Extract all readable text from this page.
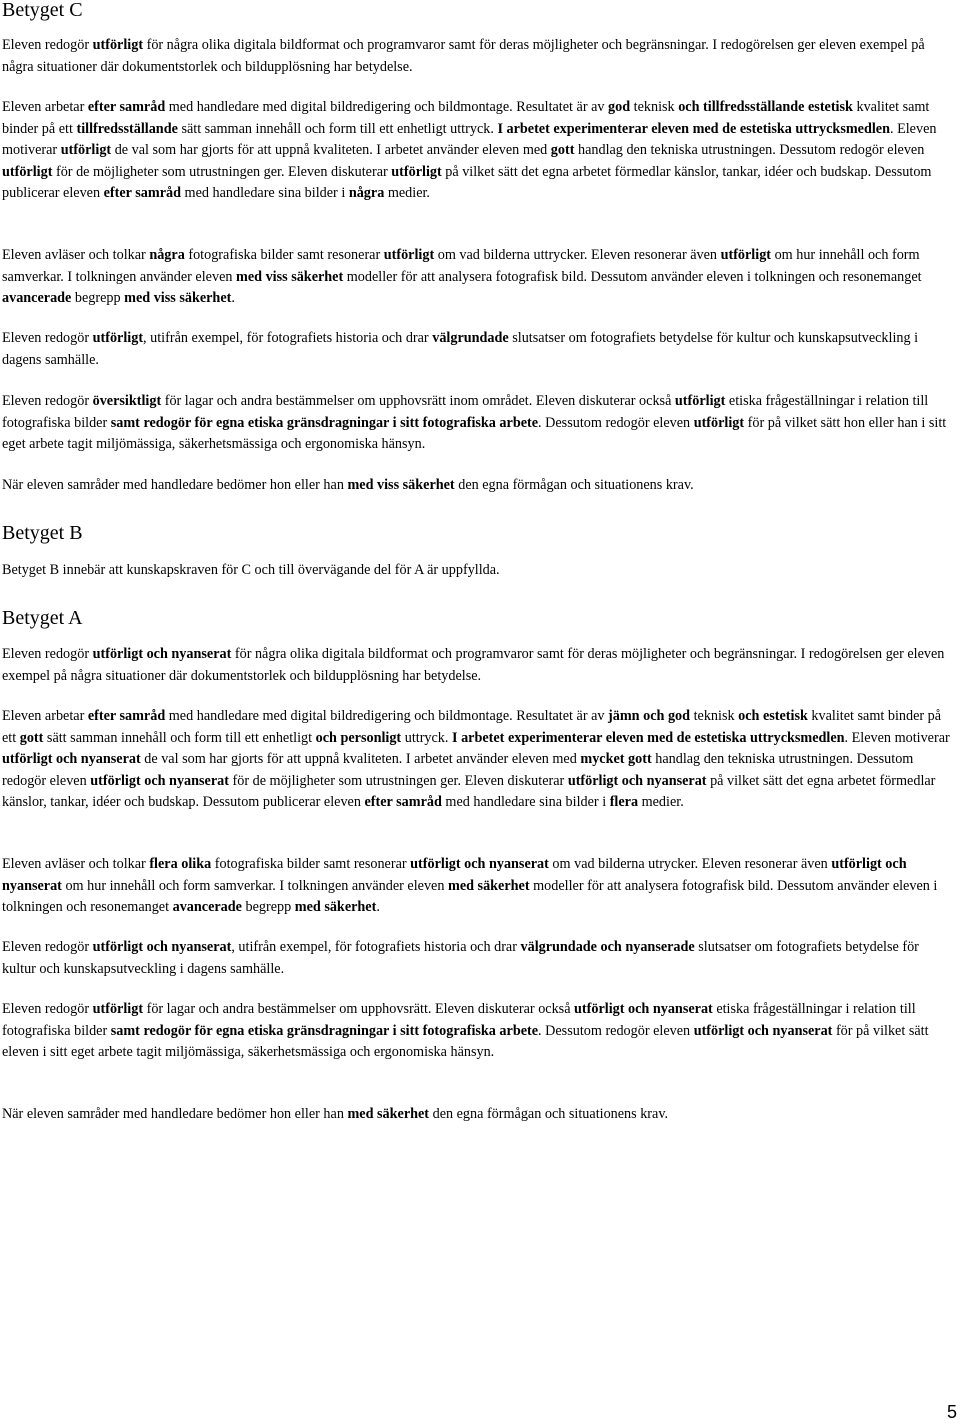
Betyget C

Eleven redogör utförligt för några olika digitala bildformat och programvaror samt för deras möjligheter och begränsningar. I redogörelsen ger eleven exempel på några situationer där dokumentstorlek och bildupplösning har betydelse.

Eleven arbetar efter samråd med handledare med digital bildredigering och bildmontage. Resultatet är av god teknisk och tillfredsställande estetisk kvalitet samt binder på ett tillfredsställande sätt samman innehåll och form till ett enhetligt uttryck. I arbetet experimenterar eleven med de estetiska uttrycksmedlen. Eleven motiverar utförligt de val som har gjorts för att uppnå kvaliteten. I arbetet använder eleven med gott handlag den tekniska utrustningen. Dessutom redogör eleven utförligt för de möjligheter som utrustningen ger. Eleven diskuterar utförligt på vilket sätt det egna arbetet förmedlar känslor, tankar, idéer och budskap. Dessutom publicerar eleven efter samråd med handledare sina bilder i några medier.

Eleven avläser och tolkar några fotografiska bilder samt resonerar utförligt om vad bilderna uttrycker. Eleven resonerar även utförligt om hur innehåll och form samverkar. I tolkningen använder eleven med viss säkerhet modeller för att analysera fotografisk bild. Dessutom använder eleven i tolkningen och resonemanget avancerade begrepp med viss säkerhet.

Eleven redogör utförligt, utifrån exempel, för fotografiets historia och drar välgrundade slutsatser om fotografiets betydelse för kultur och kunskapsutveckling i dagens samhälle.

Eleven redogör översiktligt för lagar och andra bestämmelser om upphovsrätt inom området. Eleven diskuterar också utförligt etiska frågeställningar i relation till fotografiska bilder samt redogör för egna etiska gränsdragningar i sitt fotografiska arbete. Dessutom redogör eleven utförligt för på vilket sätt hon eller han i sitt eget arbete tagit miljömässiga, säkerhetsmässiga och ergonomiska hänsyn.

När eleven samråder med handledare bedömer hon eller han med viss säkerhet den egna förmågan och situationens krav.

Betyget B

Betyget B innebär att kunskapskraven för C och till övervägande del för A är uppfyllda.

Betyget A

Eleven redogör utförligt och nyanserat för några olika digitala bildformat och programvaror samt för deras möjligheter och begränsningar. I redogörelsen ger eleven exempel på några situationer där dokumentstorlek och bildupplösning har betydelse.

Eleven arbetar efter samråd med handledare med digital bildredigering och bildmontage. Resultatet är av jämn och god teknisk och estetisk kvalitet samt binder på ett gott sätt samman innehåll och form till ett enhetligt och personligt uttryck. I arbetet experimenterar eleven med de estetiska uttrycksmedlen. Eleven motiverar utförligt och nyanserat de val som har gjorts för att uppnå kvaliteten. I arbetet använder eleven med mycket gott handlag den tekniska utrustningen. Dessutom redogör eleven utförligt och nyanserat för de möjligheter som utrustningen ger. Eleven diskuterar utförligt och nyanserat på vilket sätt det egna arbetet förmedlar känslor, tankar, idéer och budskap. Dessutom publicerar eleven efter samråd med handledare sina bilder i flera medier.

Eleven avläser och tolkar flera olika fotografiska bilder samt resonerar utförligt och nyanserat om vad bilderna utrycker. Eleven resonerar även utförligt och nyanserat om hur innehåll och form samverkar. I tolkningen använder eleven med säkerhet modeller för att analysera fotografisk bild. Dessutom använder eleven i tolkningen och resonemanget avancerade begrepp med säkerhet.

Eleven redogör utförligt och nyanserat, utifrån exempel, för fotografiets historia och drar välgrundade och nyanserade slutsatser om fotografiets betydelse för kultur och kunskapsutveckling i dagens samhälle.

Eleven redogör utförligt för lagar och andra bestämmelser om upphovsrätt. Eleven diskuterar också utförligt och nyanserat etiska frågeställningar i relation till fotografiska bilder samt redogör för egna etiska gränsdragningar i sitt fotografiska arbete. Dessutom redogör eleven utförligt och nyanserat för på vilket sätt eleven i sitt eget arbete tagit miljömässiga, säkerhetsmässiga och ergonomiska hänsyn.

När eleven samråder med handledare bedömer hon eller han med säkerhet den egna förmågan och situationens krav.

5
